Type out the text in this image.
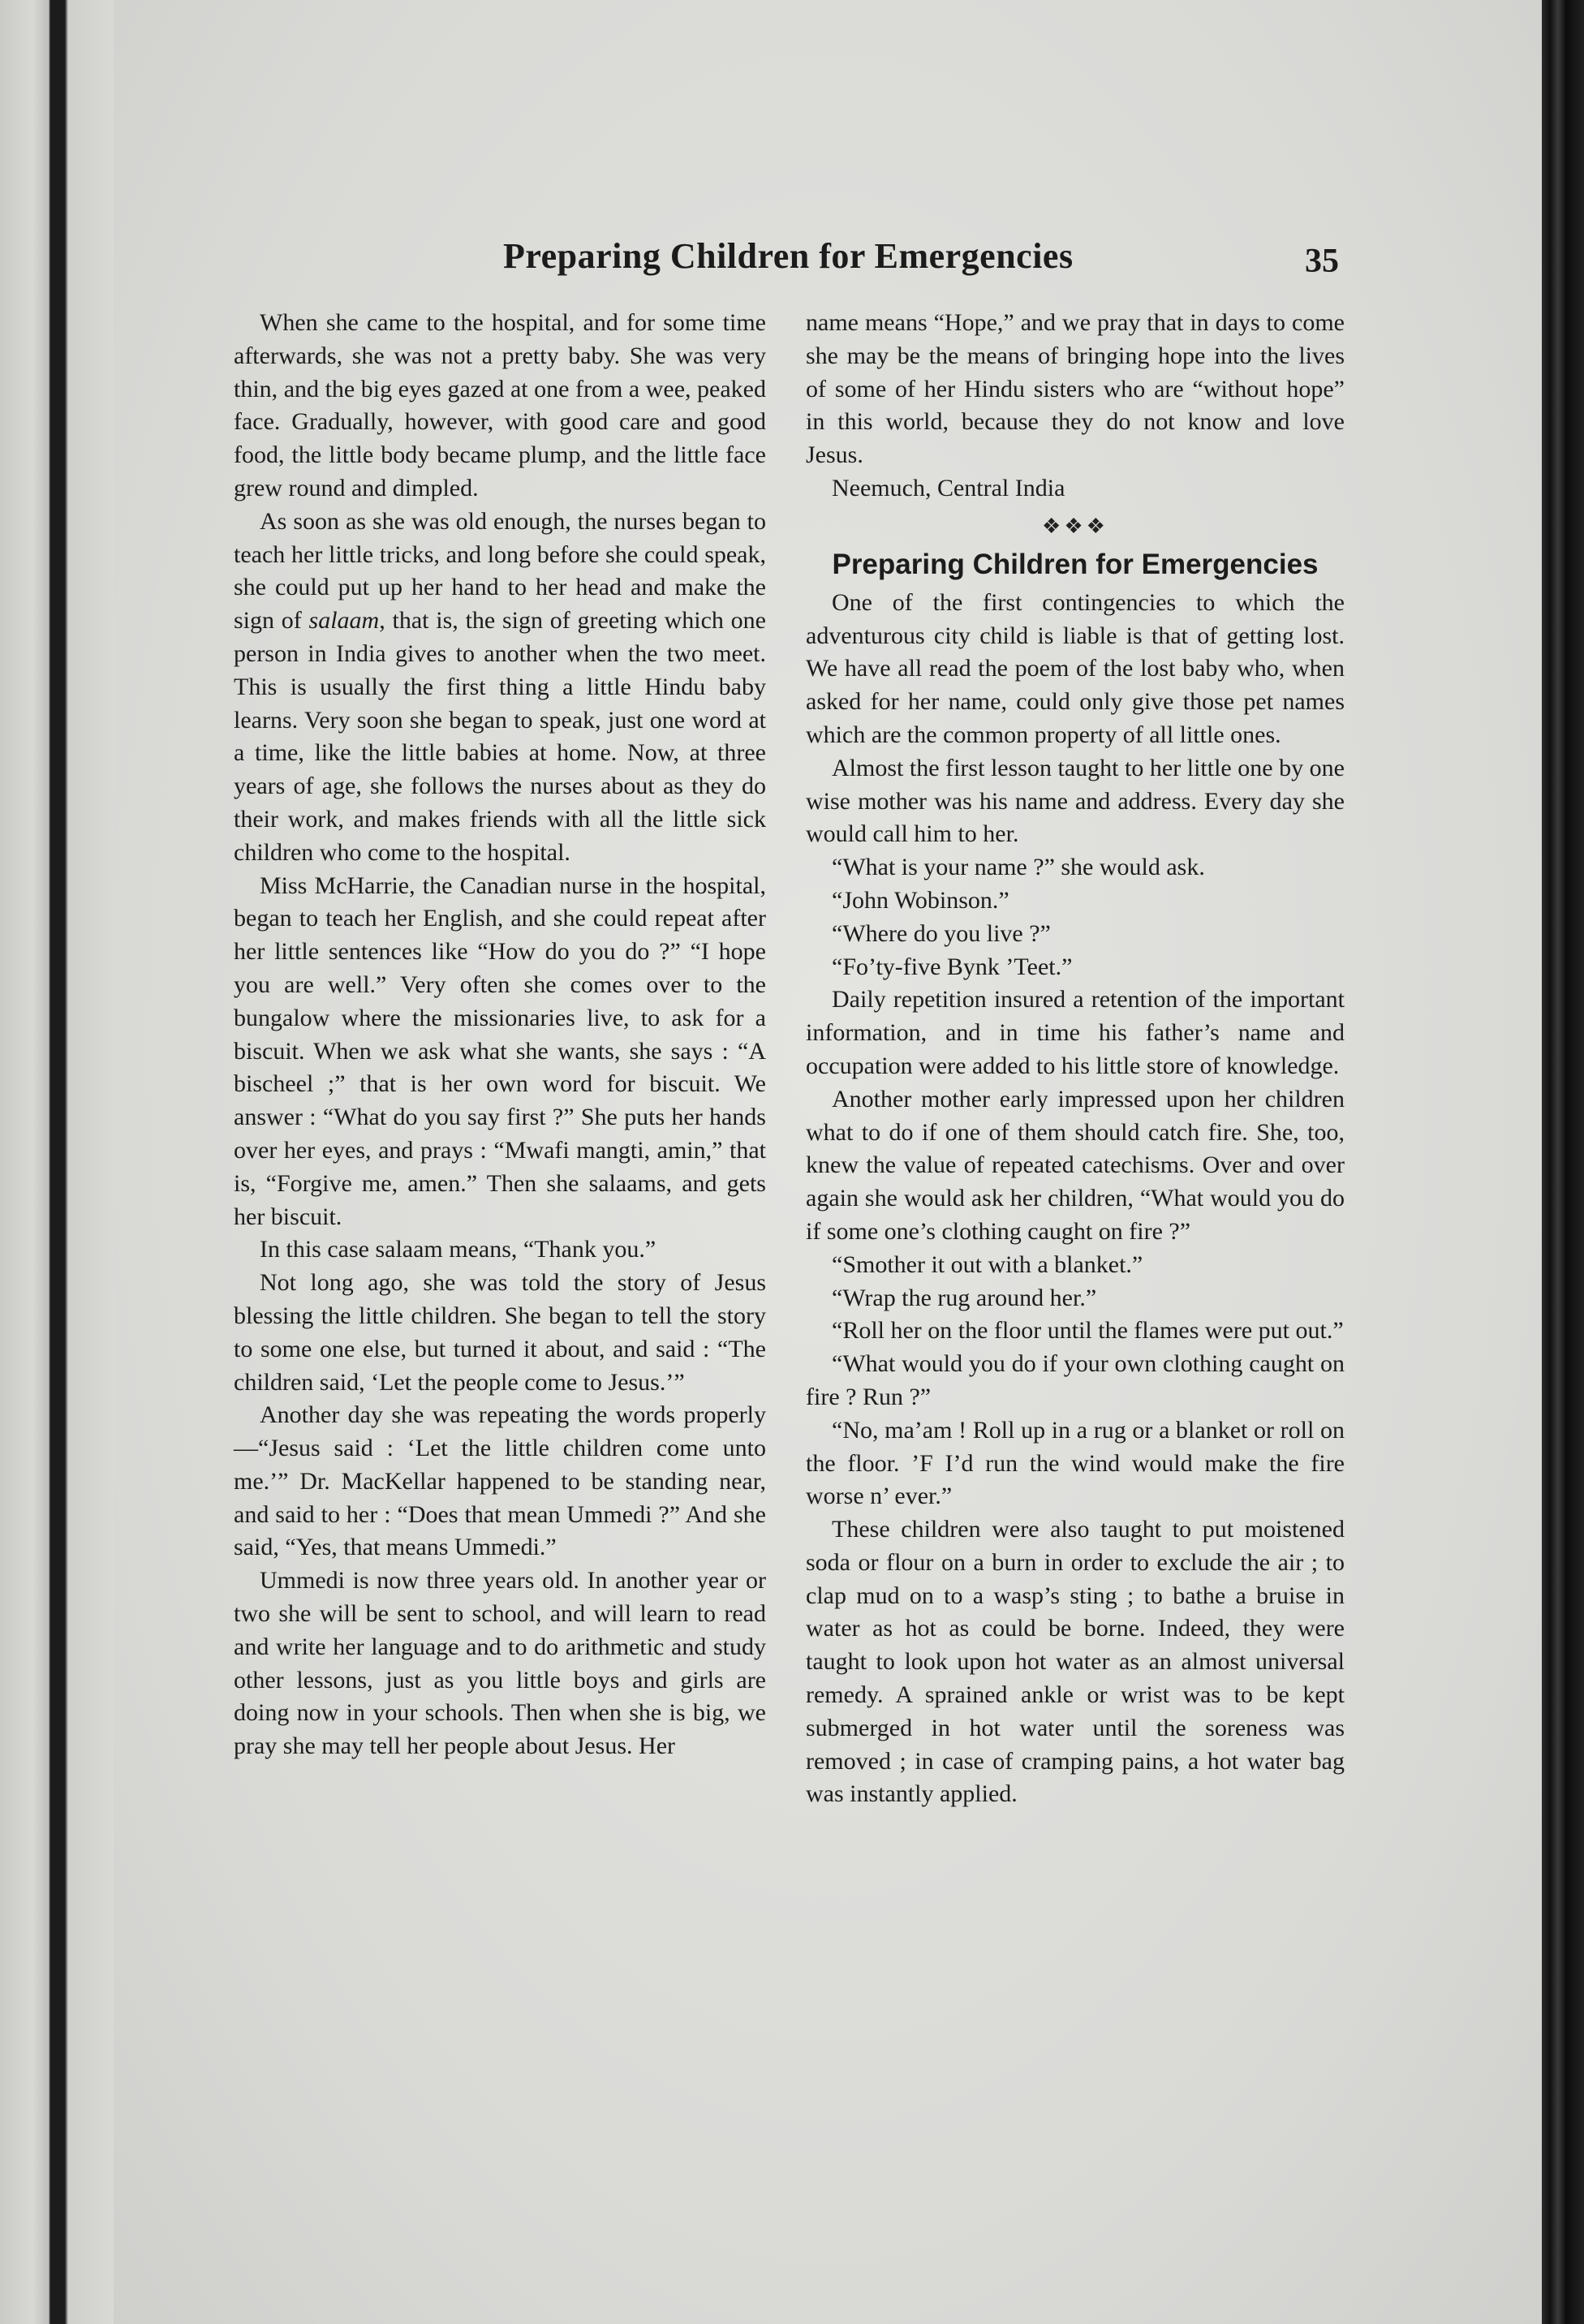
Preparing Children for Emergencies	35

When she came to the hospital, and for some time afterwards, she was not a pretty baby. She was very thin, and the big eyes gazed at one from a wee, peaked face. Gradually, however, with good care and good food, the little body became plump, and the little face grew round and dimpled.

As soon as she was old enough, the nurses began to teach her little tricks, and long before she could speak, she could put up her hand to her head and make the sign of salaam, that is, the sign of greeting which one person in India gives to another when the two meet. This is usually the first thing a little Hindu baby learns. Very soon she began to speak, just one word at a time, like the little babies at home. Now, at three years of age, she follows the nurses about as they do their work, and makes friends with all the little sick children who come to the hospital.

Miss McHarrie, the Canadian nurse in the hospital, began to teach her English, and she could repeat after her little sentences like “How do you do ?” “I hope you are well.” Very often she comes over to the bungalow where the missionaries live, to ask for a biscuit. When we ask what she wants, she says : “A bischeel ;” that is her own word for biscuit. We answer : “What do you say first ?” She puts her hands over her eyes, and prays : “Mwafi mangti, amin,” that is, “Forgive me, amen.” Then she salaams, and gets her biscuit.

In this case salaam means, “Thank you.”

Not long ago, she was told the story of Jesus blessing the little children. She began to tell the story to some one else, but turned it about, and said : “The children said, ‘Let the people come to Jesus.’”

Another day she was repeating the words properly—“Jesus said : ‘Let the little children come unto me.’” Dr. MacKellar happened to be standing near, and said to her : “Does that mean Ummedi ?” And she said, “Yes, that means Ummedi.”

Ummedi is now three years old. In another year or two she will be sent to school, and will learn to read and write her language and to do arithmetic and study other lessons, just as you little boys and girls are doing now in your schools. Then when she is big, we pray she may tell her people about Jesus. Her

name means “Hope,” and we pray that in days to come she may be the means of bringing hope into the lives of some of her Hindu sisters who are “without hope” in this world, because they do not know and love Jesus.

Neemuch, Central India

❖❖❖
Preparing Children for Emergencies

One of the first contingencies to which the adventurous city child is liable is that of getting lost. We have all read the poem of the lost baby who, when asked for her name, could only give those pet names which are the common property of all little ones.

Almost the first lesson taught to her little one by one wise mother was his name and address. Every day she would call him to her.

“What is your name ?” she would ask.

“John Wobinson.”

“Where do you live ?”

“Fo’ty-five Bynk ’Teet.”

Daily repetition insured a retention of the important information, and in time his father’s name and occupation were added to his little store of knowledge.

Another mother early impressed upon her children what to do if one of them should catch fire. She, too, knew the value of repeated catechisms. Over and over again she would ask her children, “What would you do if some one’s clothing caught on fire ?”

“Smother it out with a blanket.”

“Wrap the rug around her.”

“Roll her on the floor until the flames were put out.”

“What would you do if your own clothing caught on fire ? Run ?”

“No, ma’am ! Roll up in a rug or a blanket or roll on the floor. ’F I’d run the wind would make the fire worse n’ ever.”

These children were also taught to put moistened soda or flour on a burn in order to exclude the air ; to clap mud on to a wasp’s sting ; to bathe a bruise in water as hot as could be borne. Indeed, they were taught to look upon hot water as an almost universal remedy. A sprained ankle or wrist was to be kept submerged in hot water until the soreness was removed ; in case of cramping pains, a hot water bag was instantly applied.
